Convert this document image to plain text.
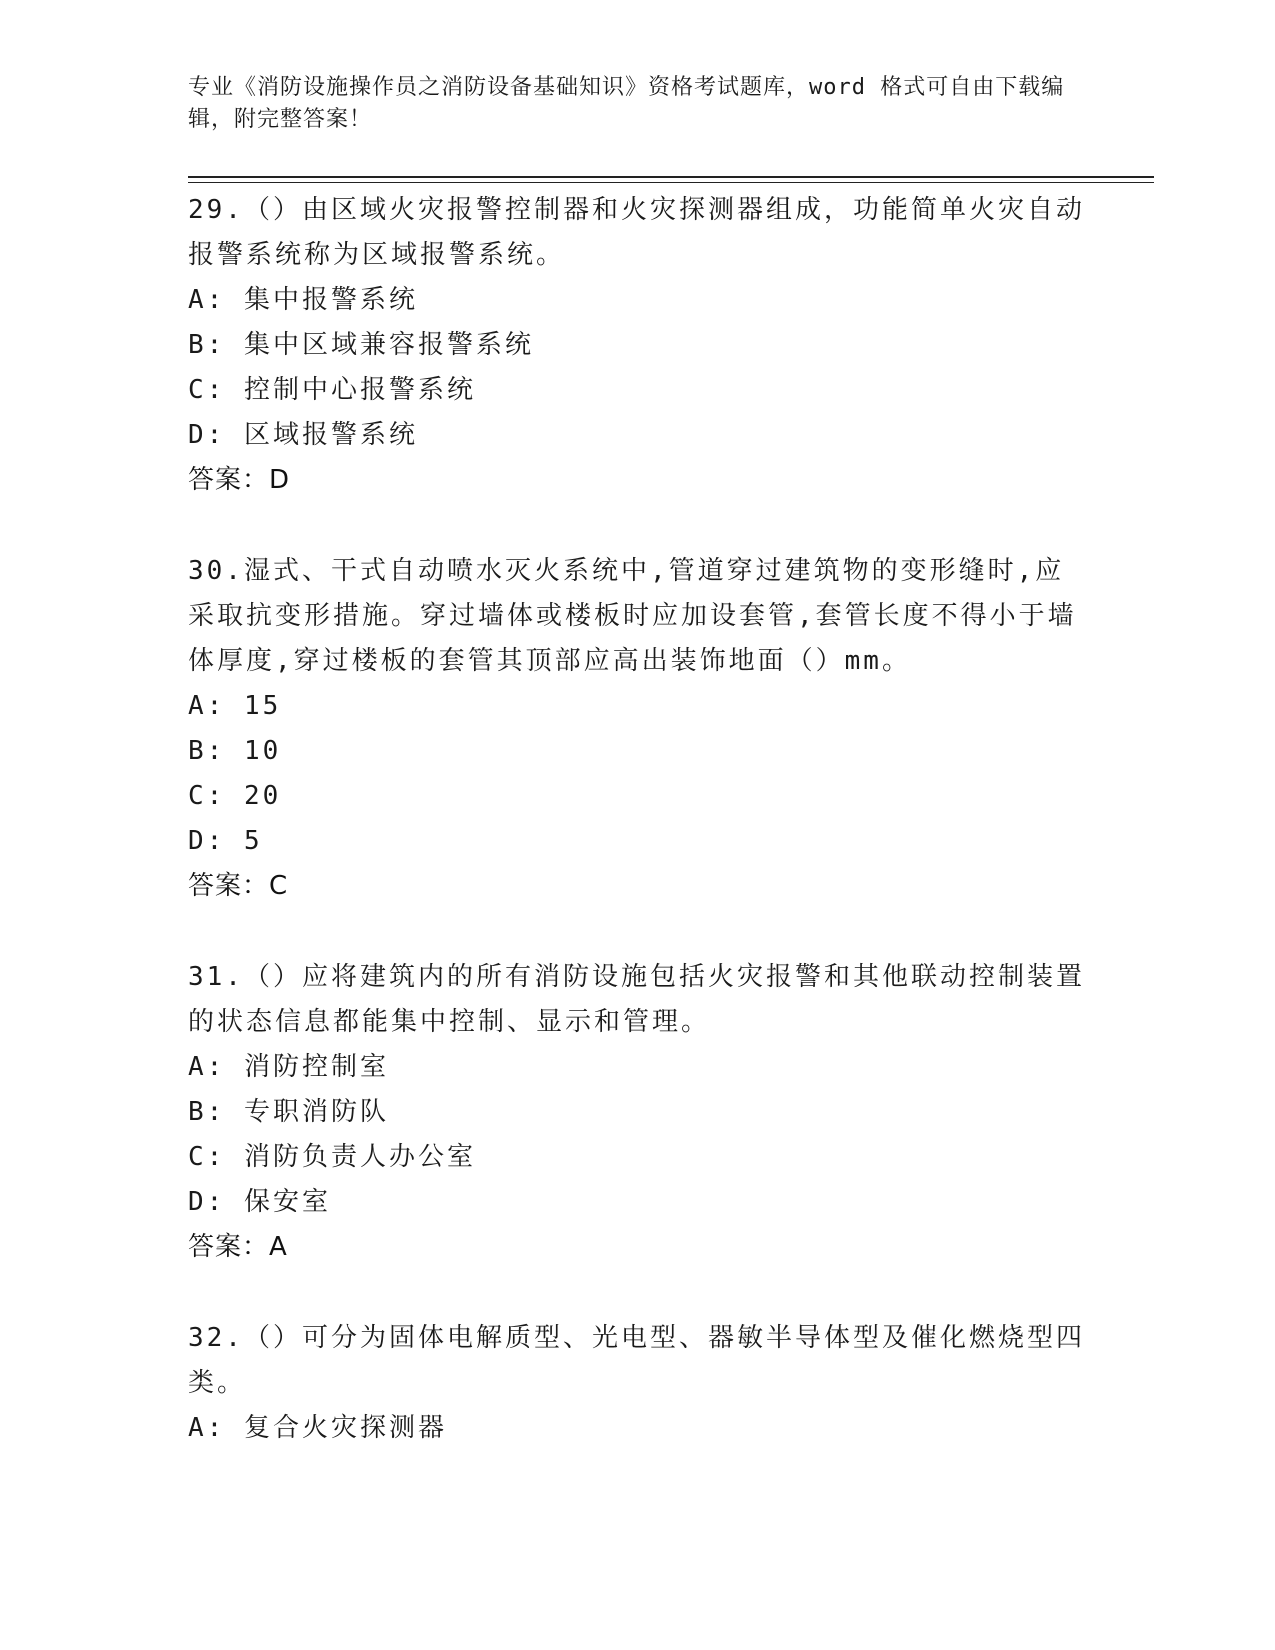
专业《消防设施操作员之消防设备基础知识》资格考试题库，word 格式可自由下载编辑，附完整答案！

29.（）由区域火灾报警控制器和火灾探测器组成，功能简单火灾自动报警系统称为区域报警系统。

A: 集中报警系统

B: 集中区域兼容报警系统

C: 控制中心报警系统

D: 区域报警系统

答案：D

30.湿式、干式自动喷水灭火系统中,管道穿过建筑物的变形缝时,应采取抗变形措施。穿过墙体或楼板时应加设套管,套管长度不得小于墙体厚度,穿过楼板的套管其顶部应高出装饰地面（）mm。

A: 15

B: 10

C: 20

D: 5

答案：C

31.（）应将建筑内的所有消防设施包括火灾报警和其他联动控制装置的状态信息都能集中控制、显示和管理。

A: 消防控制室

B: 专职消防队

C: 消防负责人办公室

D: 保安室

答案：A

32.（）可分为固体电解质型、光电型、器敏半导体型及催化燃烧型四类。

A: 复合火灾探测器
